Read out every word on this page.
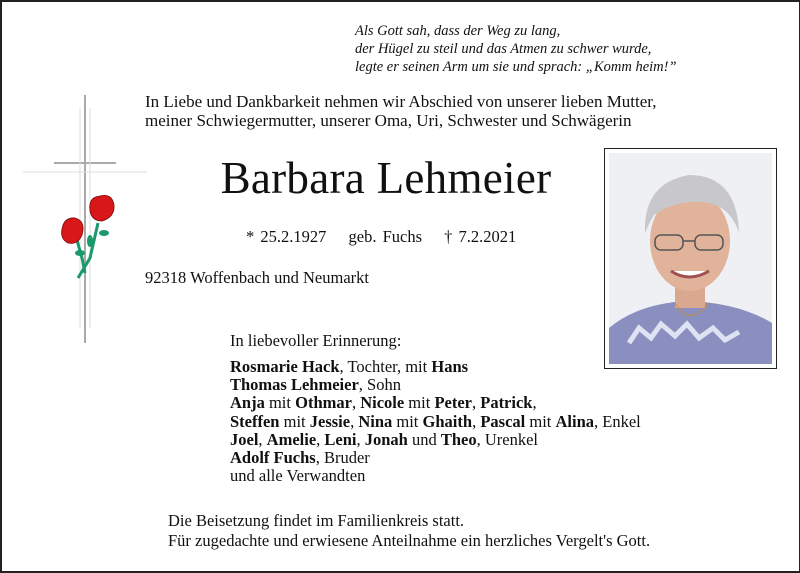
Als Gott sah, dass der Weg zu lang,
der Hügel zu steil und das Atmen zu schwer wurde,
legte er seinen Arm um sie und sprach: „Komm heim!”
In Liebe und Dankbarkeit nehmen wir Abschied von unserer lieben Mutter,
meiner Schwiegermutter, unserer Oma, Uri, Schwester und Schwägerin
Barbara Lehmeier
* 25.2.1927 geb. Fuchs † 7.2.2021
92318 Woffenbach und Neumarkt
In liebevoller Erinnerung:
Rosmarie Hack, Tochter, mit Hans
Thomas Lehmeier, Sohn
Anja mit Othmar, Nicole mit Peter, Patrick,
Steffen mit Jessie, Nina mit Ghaith, Pascal mit Alina, Enkel
Joel, Amelie, Leni, Jonah und Theo, Urenkel
Adolf Fuchs, Bruder
und alle Verwandten
Die Beisetzung findet im Familienkreis statt.
Für zugedachte und erwiesene Anteilnahme ein herzliches Vergelt's Gott.
